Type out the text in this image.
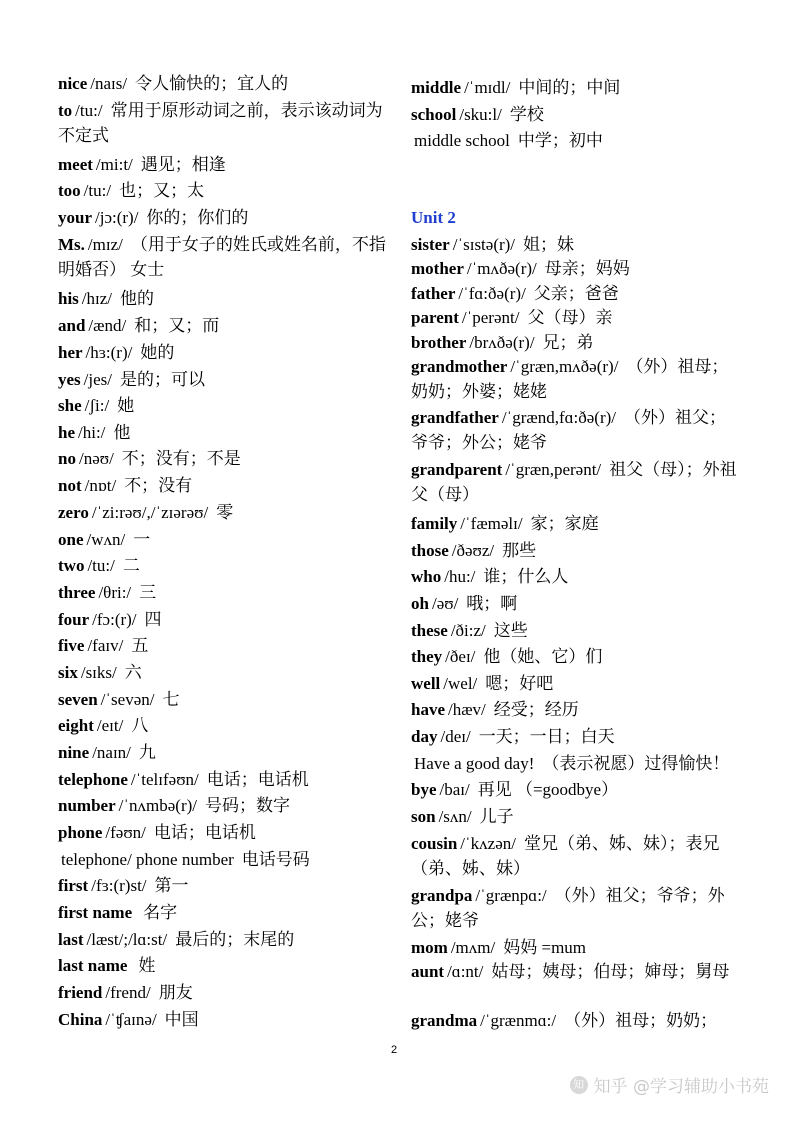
nice /naɪs/ 令人愉快的；宜人的
to /tu:/ 常用于原形动词之前，表示该动词为不定式
meet /mi:t/ 遇见；相逢
too /tu:/ 也；又；太
your /jɔ:(r)/ 你的；你们的
Ms. /mɪz/ （用于女子的姓氏或姓名前，不指明婚否） 女士
his /hɪz/ 他的
and /ænd/ 和；又；而
her /hɜ:(r)/ 她的
yes /jes/ 是的；可以
she /ʃi:/ 她
he /hi:/ 他
no /nəʊ/ 不；没有；不是
not /nɒt/ 不；没有
zero /ˈzi:rəʊ/,/ˈzɪərəʊ/ 零
one /wʌn/ 一
two /tu:/ 二
three /θri:/ 三
four /fɔ:(r)/ 四
five /faɪv/ 五
six /sɪks/ 六
seven /ˈsevən/ 七
eight /eɪt/ 八
nine /naɪn/ 九
telephone /ˈtelɪfəʊn/ 电话；电话机
number /ˈnʌmbə(r)/ 号码；数字
phone /fəʊn/ 电话；电话机
telephone/ phone number 电话号码
first /fɜ:(r)st/ 第一
first name 名字
last /læst/;/lɑ:st/ 最后的；末尾的
last name 姓
friend /frend/ 朋友
China /ˈʧaɪnə/ 中国
Unit 2
middle /ˈmɪdl/ 中间的；中间
school /sku:l/ 学校
middle school 中学；初中
sister /ˈsɪstə(r)/ 姐；妹
mother /ˈmʌðə(r)/ 母亲；妈妈
father /ˈfɑ:ðə(r)/ 父亲；爸爸
parent /ˈperənt/ 父（母）亲
brother /brʌðə(r)/ 兄；弟
grandmother /ˈgræn,mʌðə(r)/ （外）祖母；奶奶；外婆；姥姥
grandfather /ˈgrænd,fɑ:ðə(r)/ （外）祖父；爷爷；外公；姥爷
grandparent /ˈgræn,perənt/ 祖父（母）；外祖父（母）
family /ˈfæməlɪ/ 家；家庭
those /ðəʊz/ 那些
who /hu:/ 谁；什么人
oh /əʊ/ 哦；啊
these /ði:z/ 这些
they /ðeɪ/ 他（她、它）们
well /wel/ 嗯；好吧
have /hæv/ 经受；经历
day /deɪ/ 一天；一日；白天
Have a good day! （表示祝愿）过得愉快！
bye /baɪ/ 再见 （=goodbye）
son /sʌn/ 儿子
cousin /ˈkʌzən/ 堂兄（弟、姊、妹）；表兄（弟、姊、妹）
grandpa /ˈgrænpɑ:/ （外）祖父；爷爷；外公；姥爷
mom /mʌm/ 妈妈 =mum
aunt /ɑ:nt/ 姑母；姨母；伯母；婶母；舅母
grandma /ˈgrænmɑ:/ （外）祖母；奶奶；
2
知 知乎 @学习辅助小书苑
